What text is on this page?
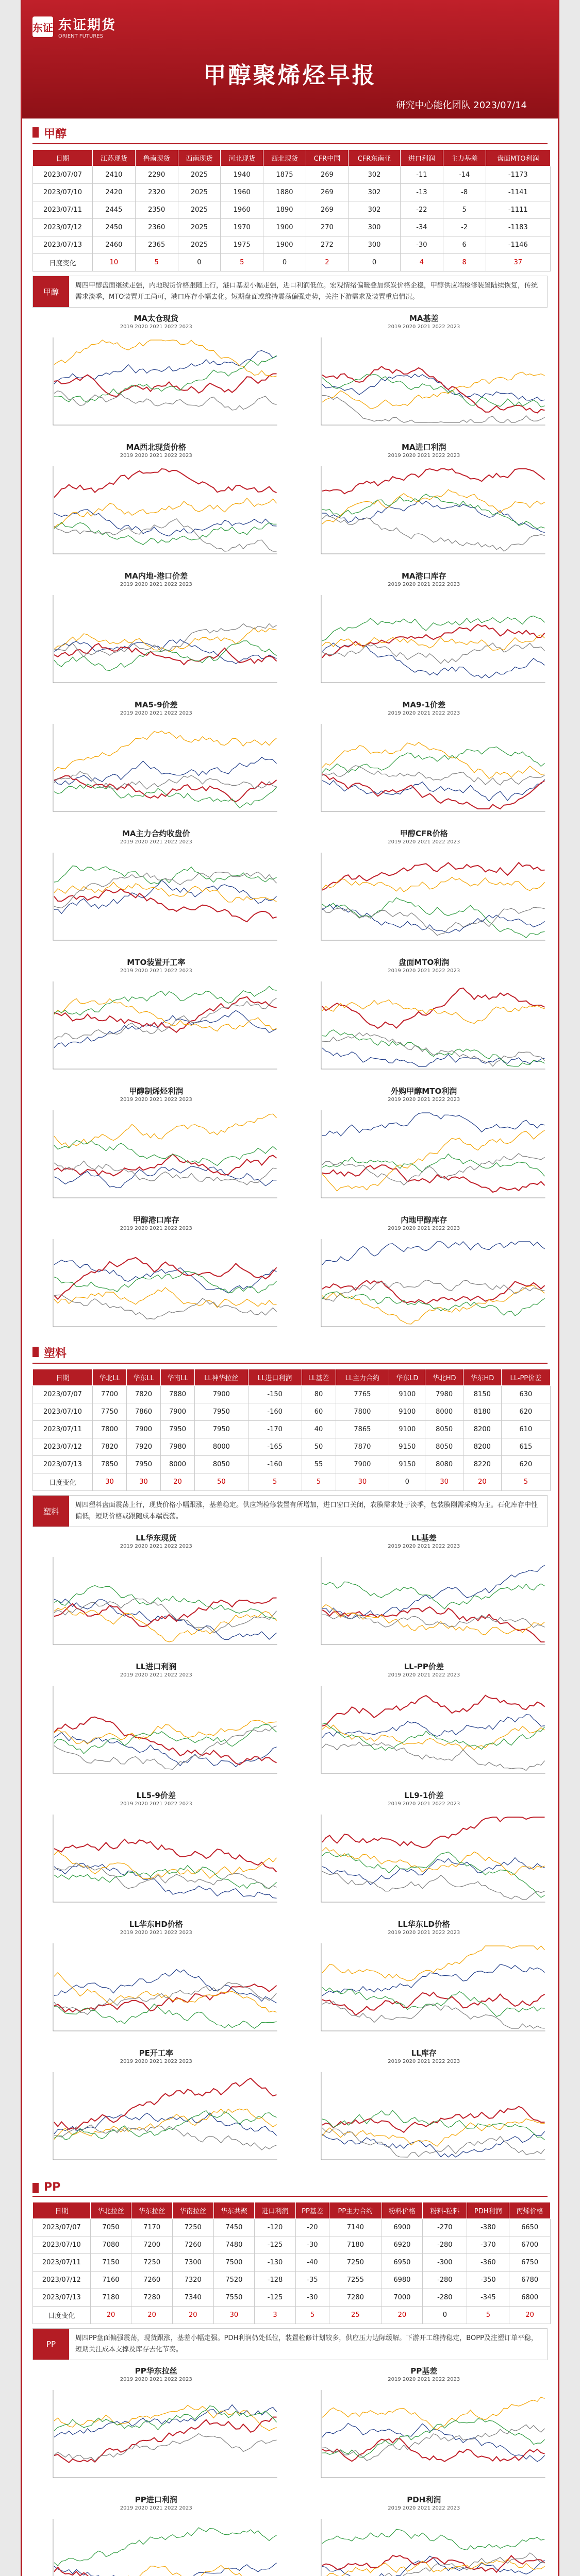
东证 东证期货
ORIENT FUTURES
甲醇聚烯烃早报
研究中心能化团队 2023/07/14
甲醇
日期	江苏现货	鲁南现货	西南现货	河北现货	西北现货	CFR中国	CFR东南亚	进口利润	主力基差	盘面MTO利润
2023/07/07	2410	2290	2025	1940	1875	269	302	-11	-14	-1173
2023/07/10	2420	2320	2025	1960	1880	269	302	-13	-8	-1141
2023/07/11	2445	2350	2025	1960	1890	269	302	-22	5	-1111
2023/07/12	2450	2360	2025	1970	1900	270	300	-34	-2	-1183
2023/07/13	2460	2365	2025	1975	1900	272	300	-30	6	-1146
日度变化	10	5	0	5	0	2	0	4	8	37
甲醇
周四甲醇盘面继续走强，内地现货价格跟随上行，港口基差小幅走强，进口利润低位。宏观情绪偏暖叠加煤炭价格企稳，甲醇供应端检修装置陆续恢复，传统需求淡季，MTO装置开工尚可，港口库存小幅去化。短期盘面或维持震荡偏强走势，关注下游需求及装置重启情况。
MA太仓现货
2019 2020 2021 2022 2023
MA基差
2019 2020 2021 2022 2023
MA西北现货价格
2019 2020 2021 2022 2023
MA进口利润
2019 2020 2021 2022 2023
MA内地-港口价差
2019 2020 2021 2022 2023
MA港口库存
2019 2020 2021 2022 2023
MA5-9价差
2019 2020 2021 2022 2023
MA9-1价差
2019 2020 2021 2022 2023
MA主力合约收盘价
2019 2020 2021 2022 2023
甲醇CFR价格
2019 2020 2021 2022 2023
MTO装置开工率
2019 2020 2021 2022 2023
盘面MTO利润
2019 2020 2021 2022 2023
甲醇制烯烃利润
2019 2020 2021 2022 2023
外购甲醇MTO利润
2019 2020 2021 2022 2023
甲醇港口库存
2019 2020 2021 2022 2023
内地甲醇库存
2019 2020 2021 2022 2023
塑料
日期	华北LL	华东LL	华南LL	LL神华拉丝	LL进口利润	LL基差	LL主力合约	华东LD	华北HD	华东HD	LL-PP价差
2023/07/07	7700	7820	7880	7900	-150	80	7765	9100	7980	8150	630
2023/07/10	7750	7860	7900	7950	-160	60	7800	9100	8000	8180	620
2023/07/11	7800	7900	7950	7950	-170	40	7865	9100	8050	8200	610
2023/07/12	7820	7920	7980	8000	-165	50	7870	9150	8050	8200	615
2023/07/13	7850	7950	8000	8050	-160	55	7900	9150	8080	8220	620
日度变化	30	30	20	50	5	5	30	0	30	20	5
塑料
周四塑料盘面震荡上行，现货价格小幅跟涨，基差稳定。供应端检修装置有所增加，进口窗口关闭，农膜需求处于淡季，包装膜刚需采购为主。石化库存中性偏低，短期价格或跟随成本端震荡。
LL华东现货
2019 2020 2021 2022 2023
LL基差
2019 2020 2021 2022 2023
LL进口利润
2019 2020 2021 2022 2023
LL-PP价差
2019 2020 2021 2022 2023
LL5-9价差
2019 2020 2021 2022 2023
LL9-1价差
2019 2020 2021 2022 2023
LL华东HD价格
2019 2020 2021 2022 2023
LL华东LD价格
2019 2020 2021 2022 2023
PE开工率
2019 2020 2021 2022 2023
LL库存
2019 2020 2021 2022 2023
PP
日期	华北拉丝	华东拉丝	华南拉丝	华东共聚	进口利润	PP基差	PP主力合约	粉料价格	粉料-粒料	PDH利润	丙烯价格
2023/07/07	7050	7170	7250	7450	-120	-20	7140	6900	-270	-380	6650
2023/07/10	7080	7200	7260	7480	-125	-30	7180	6920	-280	-370	6700
2023/07/11	7150	7250	7300	7500	-130	-40	7250	6950	-300	-360	6750
2023/07/12	7160	7260	7320	7520	-128	-35	7255	6980	-280	-350	6780
2023/07/13	7180	7280	7340	7550	-125	-30	7280	7000	-280	-345	6800
日度变化	20	20	20	30	3	5	25	20	0	5	20
PP
周四PP盘面偏强震荡，现货跟涨，基差小幅走强。PDH利润仍处低位，装置检修计划较多，供应压力边际缓解。下游开工维持稳定，BOPP及注塑订单平稳，短期关注成本支撑及库存去化节奏。
PP华东拉丝
2019 2020 2021 2022 2023
PP基差
2019 2020 2021 2022 2023
PP进口利润
2019 2020 2021 2022 2023
PDH利润
2019 2020 2021 2022 2023
